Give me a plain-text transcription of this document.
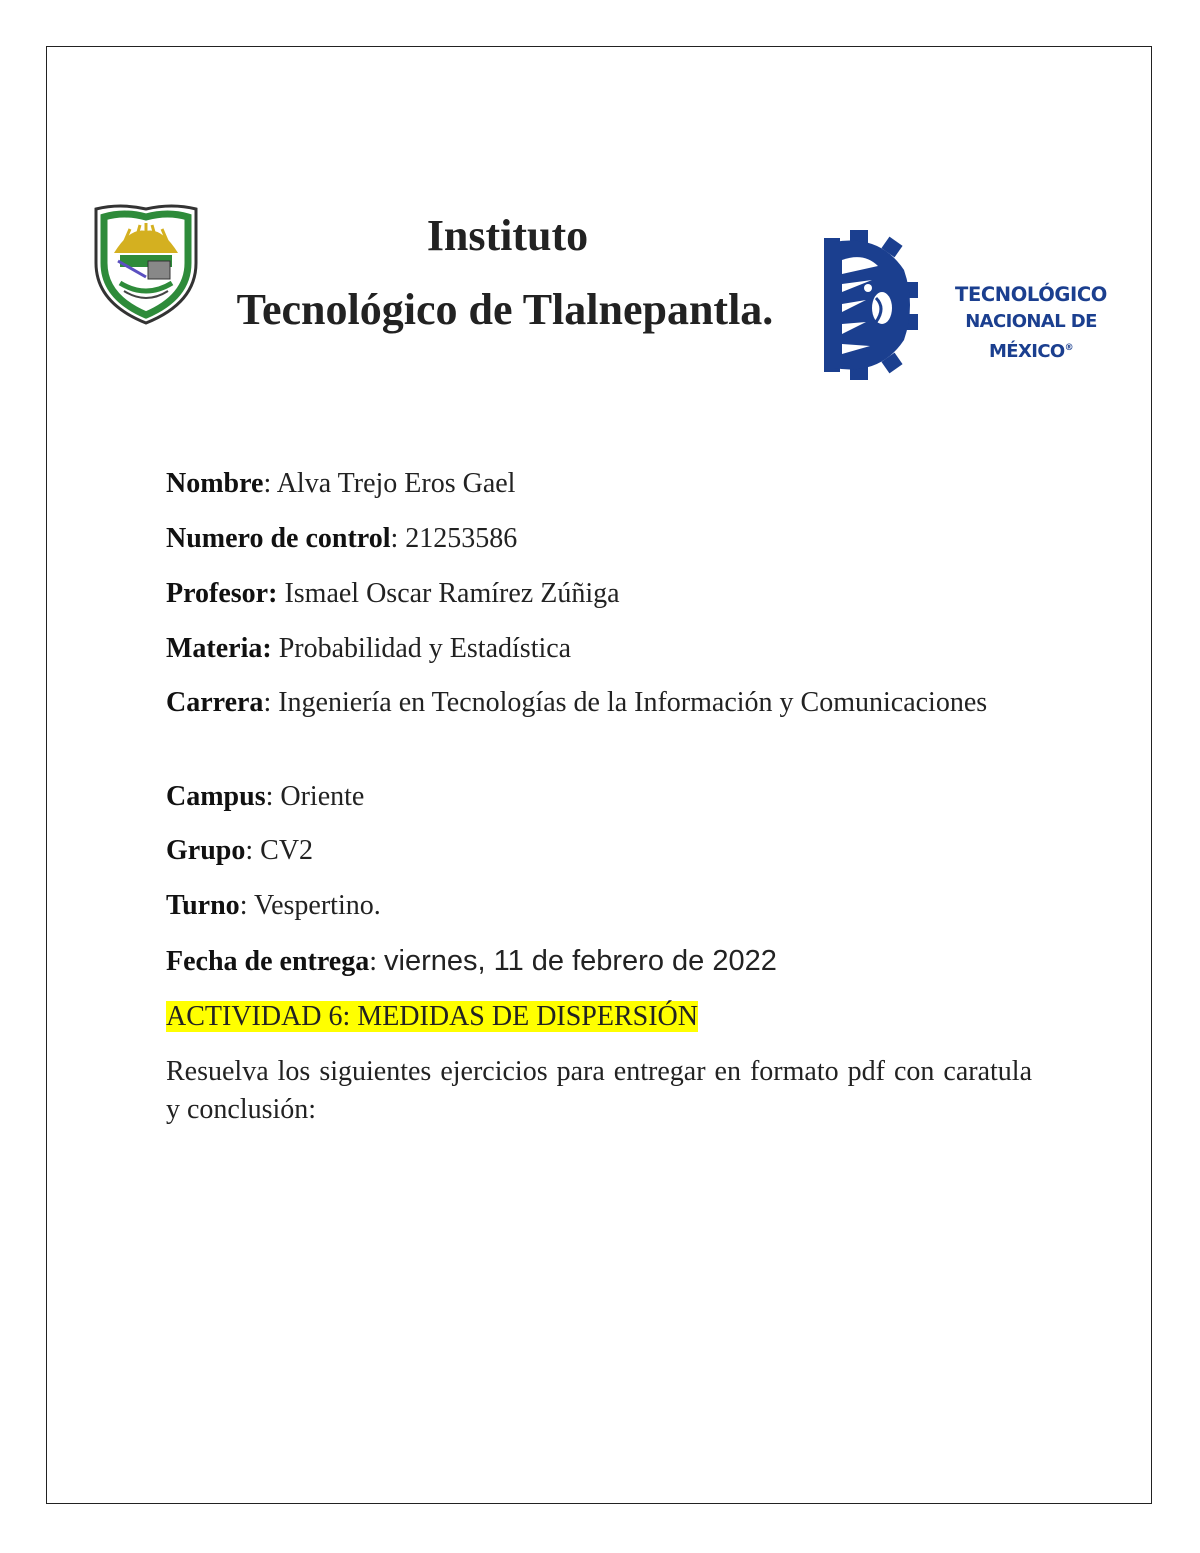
Instituto
Tecnológico de Tlalnepantla.	TECNOLÓGICO
NACIONAL DE MÉXICO®
Nombre: Alva Trejo Eros Gael
Numero de control: 21253586
Profesor: Ismael Oscar Ramírez Zúñiga
Materia: Probabilidad y Estadística
Carrera: Ingeniería en Tecnologías de la Información y Comunicaciones
Campus: Oriente
Grupo: CV2
Turno: Vespertino.
Fecha de entrega: viernes, 11 de febrero de 2022
ACTIVIDAD 6: MEDIDAS DE DISPERSIÓN
Resuelva los siguientes ejercicios para entregar en formato pdf con caratula y conclusión:
